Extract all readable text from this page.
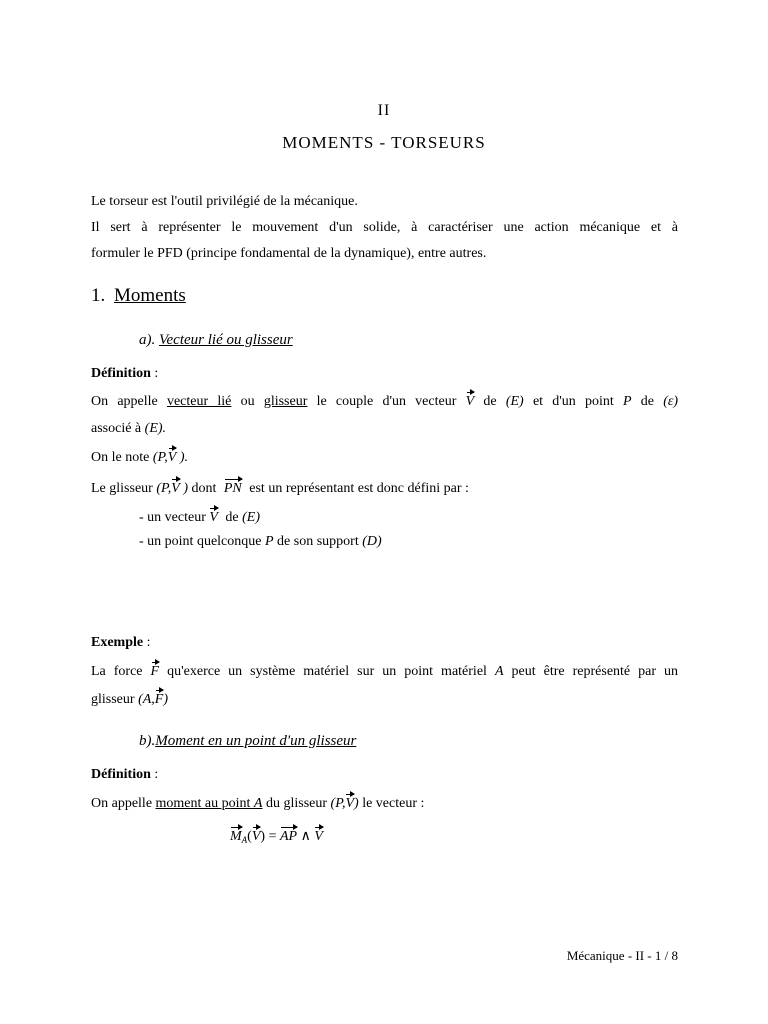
II
MOMENTS - TORSEURS
Le torseur est l'outil privilégié de la mécanique.
Il sert à représenter le mouvement d'un solide, à caractériser une action mécanique et à
formuler le PFD (principe fondamental de la dynamique), entre autres.
1. Moments
a). Vecteur lié ou glisseur
Définition :
On appelle vecteur lié ou glisseur le couple d'un vecteur V de (E) et d'un point P de (ε)
associé à (E).
On le note (P,V ).
Le glisseur (P,V ) dont PN est un représentant est donc défini par :
- un vecteur V de (E)
- un point quelconque P de son support (D)
Exemple :
La force F qu'exerce un système matériel sur un point matériel A peut être représenté par un
glisseur (A,F)
b).Moment en un point d'un glisseur
Définition :
On appelle moment au point A du glisseur (P,V) le vecteur :
$M_A(V)$ = AP ∧ V
Mécanique - II - 1 / 8
